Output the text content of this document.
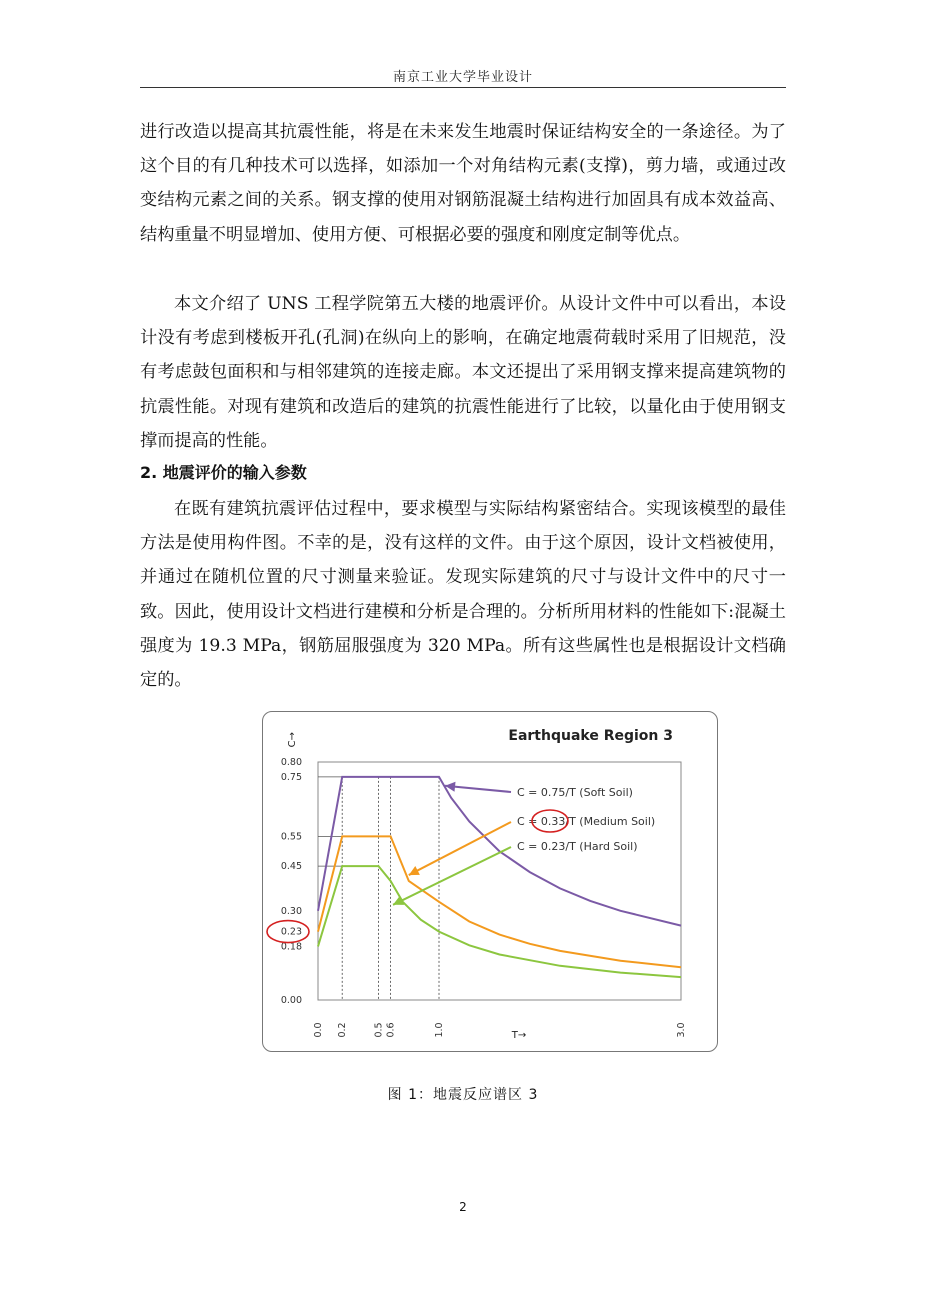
南京工业大学毕业设计

进行改造以提高其抗震性能，将是在未来发生地震时保证结构安全的一条途径。为了这个目的有几种技术可以选择，如添加一个对角结构元素(支撑)，剪力墙，或通过改变结构元素之间的关系。钢支撑的使用对钢筋混凝土结构进行加固具有成本效益高、结构重量不明显增加、使用方便、可根据必要的强度和刚度定制等优点。

本文介绍了 UNS 工程学院第五大楼的地震评价。从设计文件中可以看出，本设计没有考虑到楼板开孔(孔洞)在纵向上的影响，在确定地震荷载时采用了旧规范，没有考虑鼓包面积和与相邻建筑的连接走廊。本文还提出了采用钢支撑来提高建筑物的抗震性能。对现有建筑和改造后的建筑的抗震性能进行了比较，以量化由于使用钢支撑而提高的性能。

2. 地震评价的输入参数

在既有建筑抗震评估过程中，要求模型与实际结构紧密结合。实现该模型的最佳方法是使用构件图。不幸的是，没有这样的文件。由于这个原因，设计文档被使用，并通过在随机位置的尺寸测量来验证。发现实际建筑的尺寸与设计文件中的尺寸一致。因此，使用设计文档进行建模和分析是合理的。分析所用材料的性能如下:混凝土强度为 19.3 MPa，钢筋屈服强度为 320 MPa。所有这些属性也是根据设计文档确定的。

Earthquake Region 3
C→
T→
0.80
0.75
0.55
0.45
0.30
0.23
0.18
0.00
0.0 0.2	0.5 0.6	1.0	3.0
C = 0.75/T (Soft Soil)
C = 0.33/T (Medium Soil)
C = 0.23/T (Hard Soil)
图 1：地震反应谱区 3
2
